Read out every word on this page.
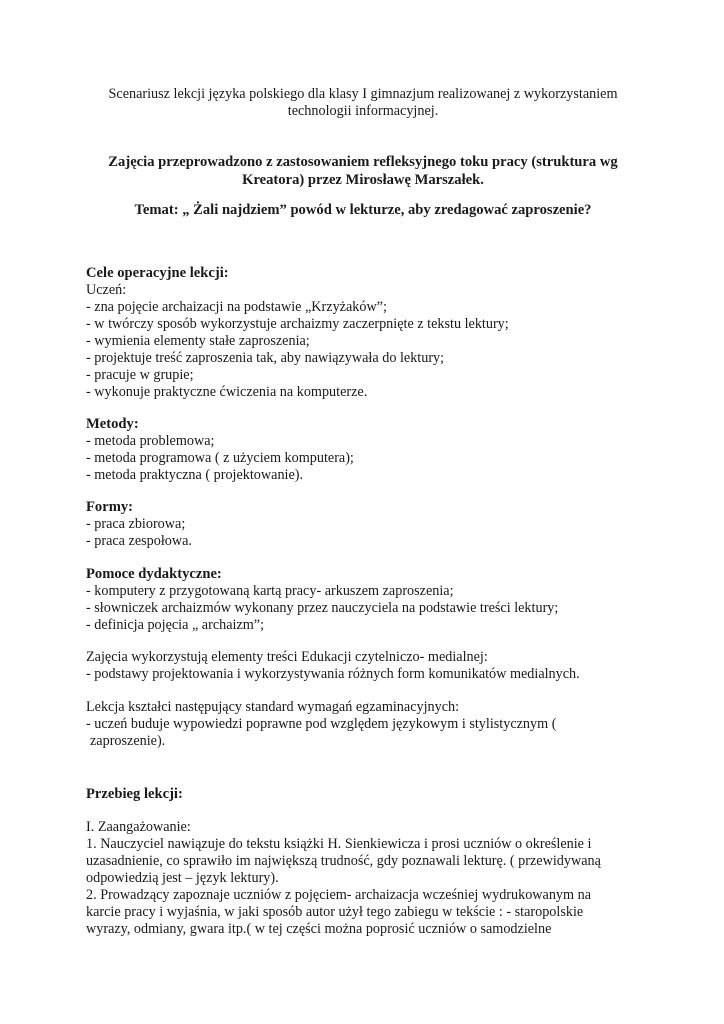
Scenariusz lekcji języka polskiego dla klasy I gimnazjum realizowanej z wykorzystaniem technologii informacyjnej.
Zajęcia przeprowadzono z zastosowaniem refleksyjnego toku pracy (struktura wg Kreatora) przez Mirosławę Marszałek.
Temat: „ Żali najdziem” powód w lekturze, aby zredagować zaproszenie?
Cele operacyjne lekcji:
Uczeń:
- zna pojęcie archaizacji na podstawie „Krzyżaków”;
- w twórczy sposób wykorzystuje archaizmy zaczerpnięte z tekstu lektury;
- wymienia elementy stałe zaproszenia;
- projektuje treść zaproszenia tak, aby nawiązywała do lektury;
- pracuje w grupie;
- wykonuje praktyczne ćwiczenia na komputerze.
Metody:
- metoda problemowa;
- metoda programowa ( z użyciem komputera);
- metoda praktyczna ( projektowanie).
Formy:
- praca zbiorowa;
- praca zespołowa.
Pomoce dydaktyczne:
- komputery z przygotowaną kartą pracy- arkuszem zaproszenia;
- słowniczek archaizmów wykonany przez nauczyciela na podstawie treści lektury;
- definicja pojęcia „ archaizm”;
Zajęcia wykorzystują elementy treści Edukacji czytelniczo- medialnej:
- podstawy projektowania i wykorzystywania różnych form komunikatów medialnych.
Lekcja kształci następujący standard wymagań egzaminacyjnych:
- uczeń buduje wypowiedzi poprawne pod względem językowym i stylistycznym (
zaproszenie).
Przebieg lekcji:
I. Zaangażowanie:
1. Nauczyciel nawiązuje do tekstu książki H. Sienkiewicza i prosi uczniów o określenie i
uzasadnienie, co sprawiło im największą trudność, gdy poznawali lekturę. ( przewidywaną
odpowiedzią jest – język lektury).
2. Prowadzący zapoznaje uczniów z pojęciem- archaizacja wcześniej wydrukowanym na
karcie pracy i wyjaśnia, w jaki sposób autor użył tego zabiegu w tekście : - staropolskie
wyrazy, odmiany, gwara itp.( w tej części można poprosić uczniów o samodzielne
